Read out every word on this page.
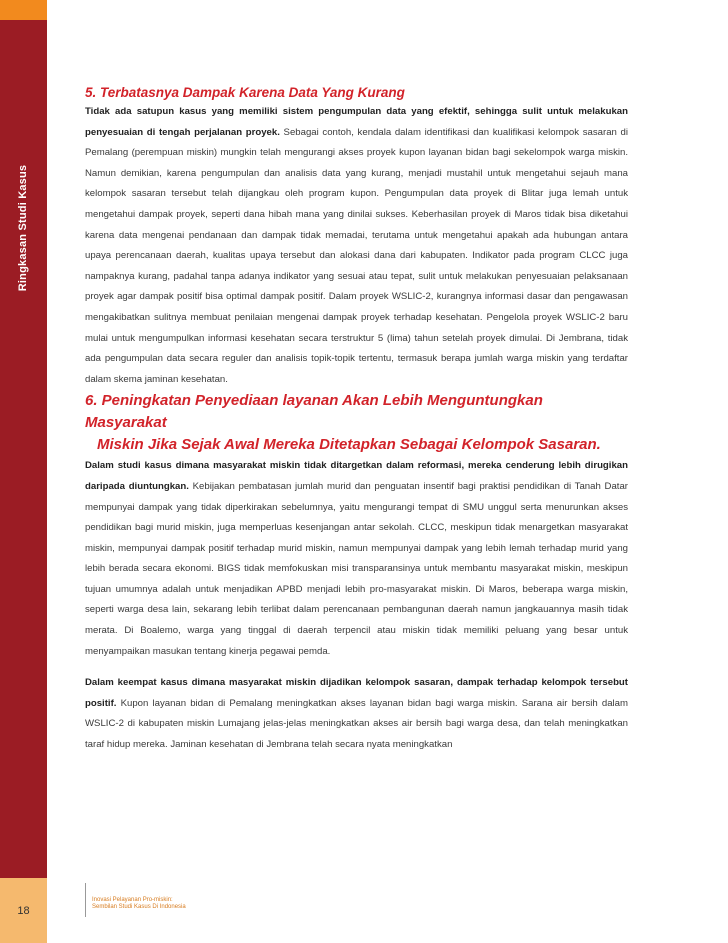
Ringkasan Studi Kasus
18
5. Terbatasnya Dampak Karena Data Yang Kurang

Tidak ada satupun kasus yang memiliki sistem pengumpulan data yang efektif, sehingga sulit untuk melakukan penyesuaian di tengah perjalanan proyek. Sebagai contoh, kendala dalam identifikasi dan kualifikasi kelompok sasaran di Pemalang (perempuan miskin) mungkin telah mengurangi akses proyek kupon layanan bidan bagi sekelompok warga miskin. Namun demikian, karena pengumpulan dan analisis data yang kurang, menjadi mustahil untuk mengetahui sejauh mana kelompok sasaran tersebut telah dijangkau oleh program kupon. Pengumpulan data proyek di Blitar juga lemah untuk mengetahui dampak proyek, seperti dana hibah mana yang dinilai sukses. Keberhasilan proyek di Maros tidak bisa diketahui karena data mengenai pendanaan dan dampak tidak memadai, terutama untuk mengetahui apakah ada hubungan antara upaya perencanaan daerah, kualitas upaya tersebut dan alokasi dana dari kabupaten. Indikator pada program CLCC juga nampaknya kurang, padahal tanpa adanya indikator yang sesuai atau tepat, sulit untuk melakukan penyesuaian pelaksanaan proyek agar dampak positif bisa optimal dampak positif. Dalam proyek WSLIC-2, kurangnya informasi dasar dan pengawasan mengakibatkan sulitnya membuat penilaian mengenai dampak proyek terhadap kesehatan. Pengelola proyek WSLIC-2 baru mulai untuk mengumpulkan informasi kesehatan secara terstruktur 5 (lima) tahun setelah proyek dimulai. Di Jembrana, tidak ada pengumpulan data secara reguler dan analisis topik-topik tertentu, termasuk berapa jumlah warga miskin yang terdaftar dalam skema jaminan kesehatan.

6. Peningkatan Penyediaan layanan Akan Lebih Menguntungkan Masyarakat
Miskin Jika Sejak Awal Mereka Ditetapkan Sebagai Kelompok Sasaran.

Dalam studi kasus dimana masyarakat miskin tidak ditargetkan dalam reformasi, mereka cenderung lebih dirugikan daripada diuntungkan. Kebijakan pembatasan jumlah murid dan penguatan insentif bagi praktisi pendidikan di Tanah Datar mempunyai dampak yang tidak diperkirakan sebelumnya, yaitu mengurangi tempat di SMU unggul serta menurunkan akses pendidikan bagi murid miskin, juga memperluas kesenjangan antar sekolah. CLCC, meskipun tidak menargetkan masyarakat miskin, mempunyai dampak positif terhadap murid miskin, namun mempunyai dampak yang lebih lemah terhadap murid yang lebih berada secara ekonomi. BIGS tidak memfokuskan misi transparansinya untuk membantu masyarakat miskin, meskipun tujuan umumnya adalah untuk menjadikan APBD menjadi lebih pro-masyarakat miskin. Di Maros, beberapa warga miskin, seperti warga desa lain, sekarang lebih terlibat dalam perencanaan pembangunan daerah namun jangkauannya masih tidak merata. Di Boalemo, warga yang tinggal di daerah terpencil atau miskin tidak memiliki peluang yang besar untuk menyampaikan masukan tentang kinerja pegawai pemda.

Dalam keempat kasus dimana masyarakat miskin dijadikan kelompok sasaran, dampak terhadap kelompok tersebut positif. Kupon layanan bidan di Pemalang meningkatkan akses layanan bidan bagi warga miskin. Sarana air bersih dalam WSLIC-2 di kabupaten miskin Lumajang jelas-jelas meningkatkan akses air bersih bagi warga desa, dan telah meningkatkan taraf hidup mereka. Jaminan kesehatan di Jembrana telah secara nyata meningkatkan

Inovasi Pelayanan Pro-miskin:
Sembilan Studi Kasus Di Indonesia
